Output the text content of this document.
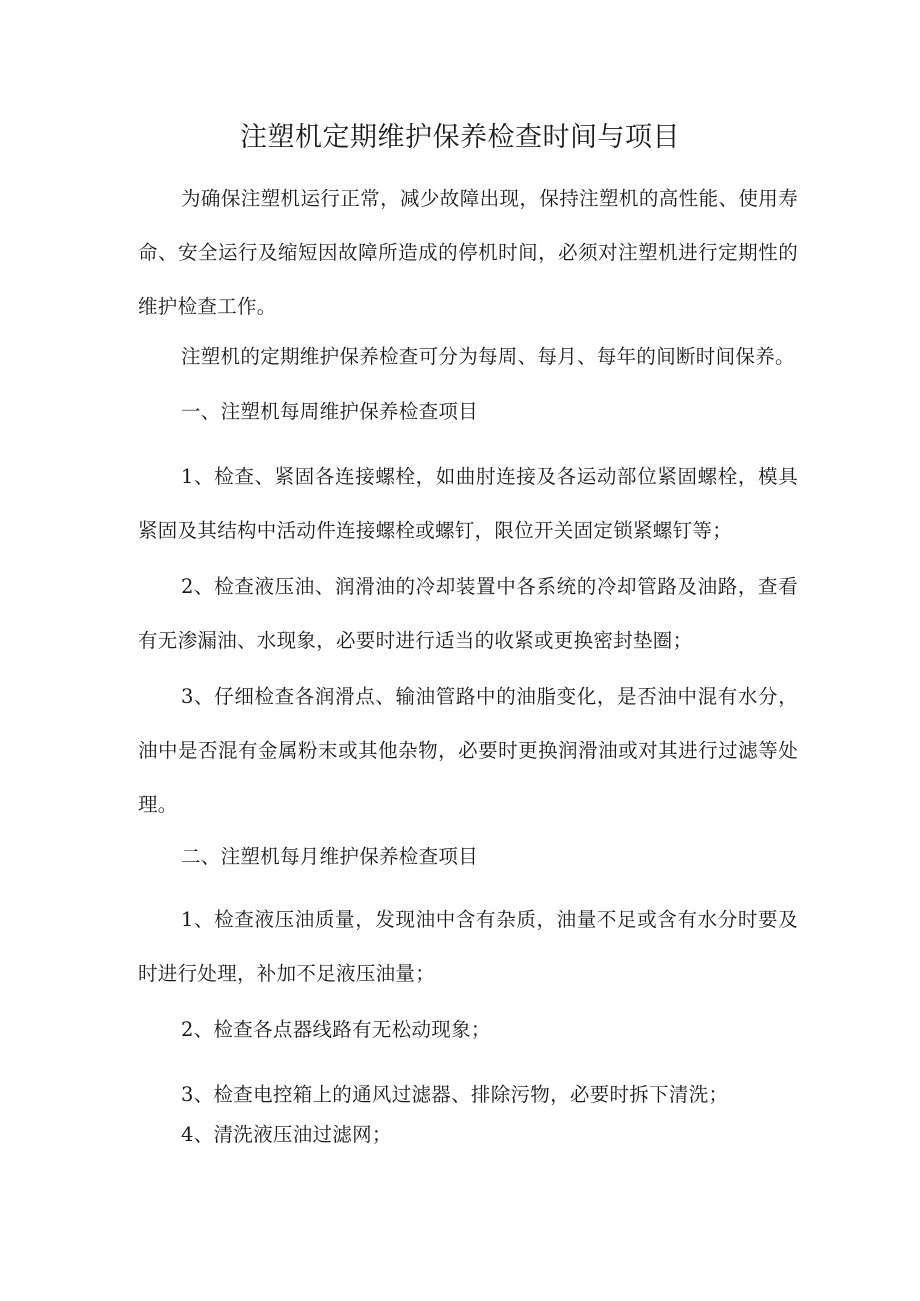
注塑机定期维护保养检查时间与项目

为确保注塑机运行正常，减少故障出现，保持注塑机的高性能、使用寿命、安全运行及缩短因故障所造成的停机时间，必须对注塑机进行定期性的维护检查工作。

注塑机的定期维护保养检查可分为每周、每月、每年的间断时间保养。

一、注塑机每周维护保养检查项目

1、检查、紧固各连接螺栓，如曲肘连接及各运动部位紧固螺栓，模具紧固及其结构中活动件连接螺栓或螺钉，限位开关固定锁紧螺钉等；

2、检查液压油、润滑油的冷却装置中各系统的冷却管路及油路，查看有无渗漏油、水现象，必要时进行适当的收紧或更换密封垫圈；

3、仔细检查各润滑点、输油管路中的油脂变化，是否油中混有水分，油中是否混有金属粉末或其他杂物，必要时更换润滑油或对其进行过滤等处理。

二、注塑机每月维护保养检查项目

1、检查液压油质量，发现油中含有杂质，油量不足或含有水分时要及时进行处理，补加不足液压油量；

2、检查各点器线路有无松动现象；

3、检查电控箱上的通风过滤器、排除污物，必要时拆下清洗；

4、清洗液压油过滤网；
